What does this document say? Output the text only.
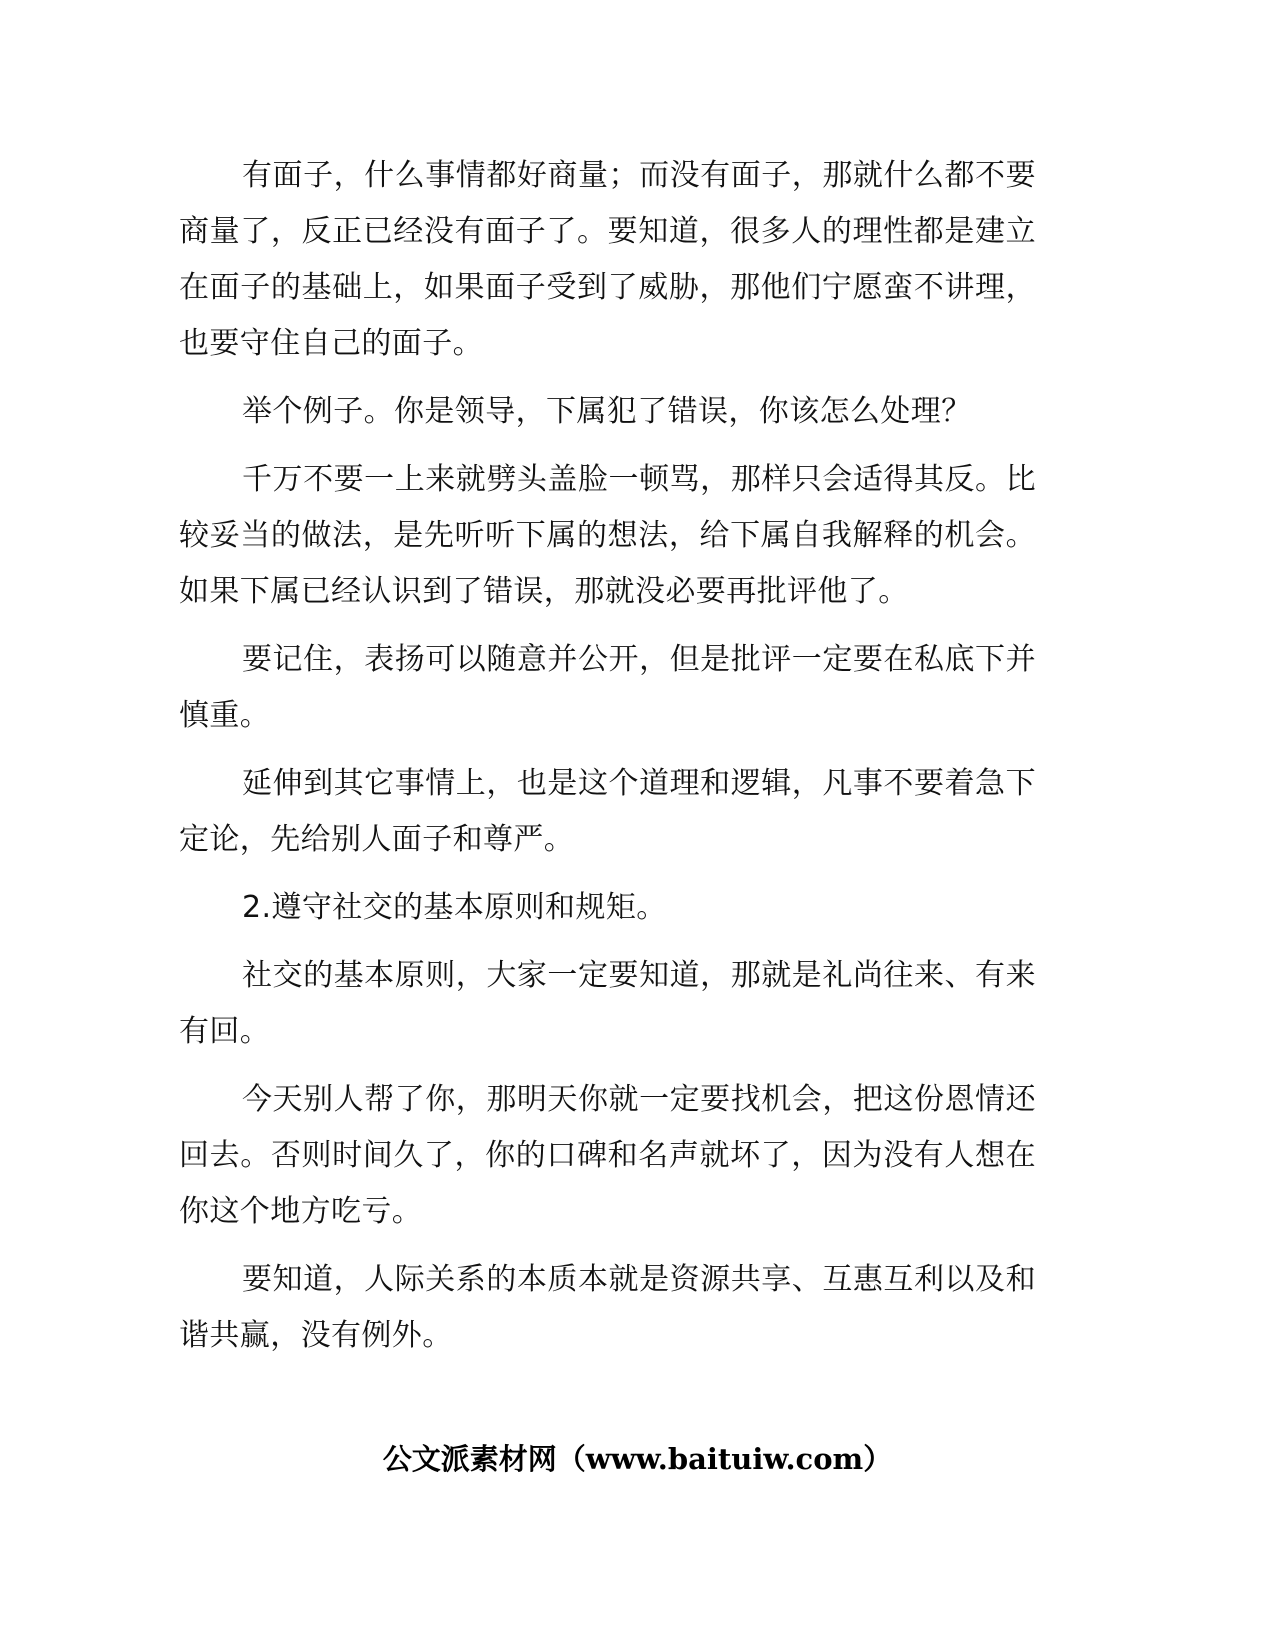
有面子，什么事情都好商量；而没有面子，那就什么都不要商量了，反正已经没有面子了。要知道，很多人的理性都是建立在面子的基础上，如果面子受到了威胁，那他们宁愿蛮不讲理，也要守住自己的面子。

举个例子。你是领导，下属犯了错误，你该怎么处理？

千万不要一上来就劈头盖脸一顿骂，那样只会适得其反。比较妥当的做法，是先听听下属的想法，给下属自我解释的机会。如果下属已经认识到了错误，那就没必要再批评他了。

要记住，表扬可以随意并公开，但是批评一定要在私底下并慎重。

延伸到其它事情上，也是这个道理和逻辑，凡事不要着急下定论，先给别人面子和尊严。

2.遵守社交的基本原则和规矩。

社交的基本原则，大家一定要知道，那就是礼尚往来、有来有回。

今天别人帮了你，那明天你就一定要找机会，把这份恩情还回去。否则时间久了，你的口碑和名声就坏了，因为没有人想在你这个地方吃亏。

要知道，人际关系的本质本就是资源共享、互惠互利以及和谐共赢，没有例外。

公文派素材网（www.baituiw.com）
